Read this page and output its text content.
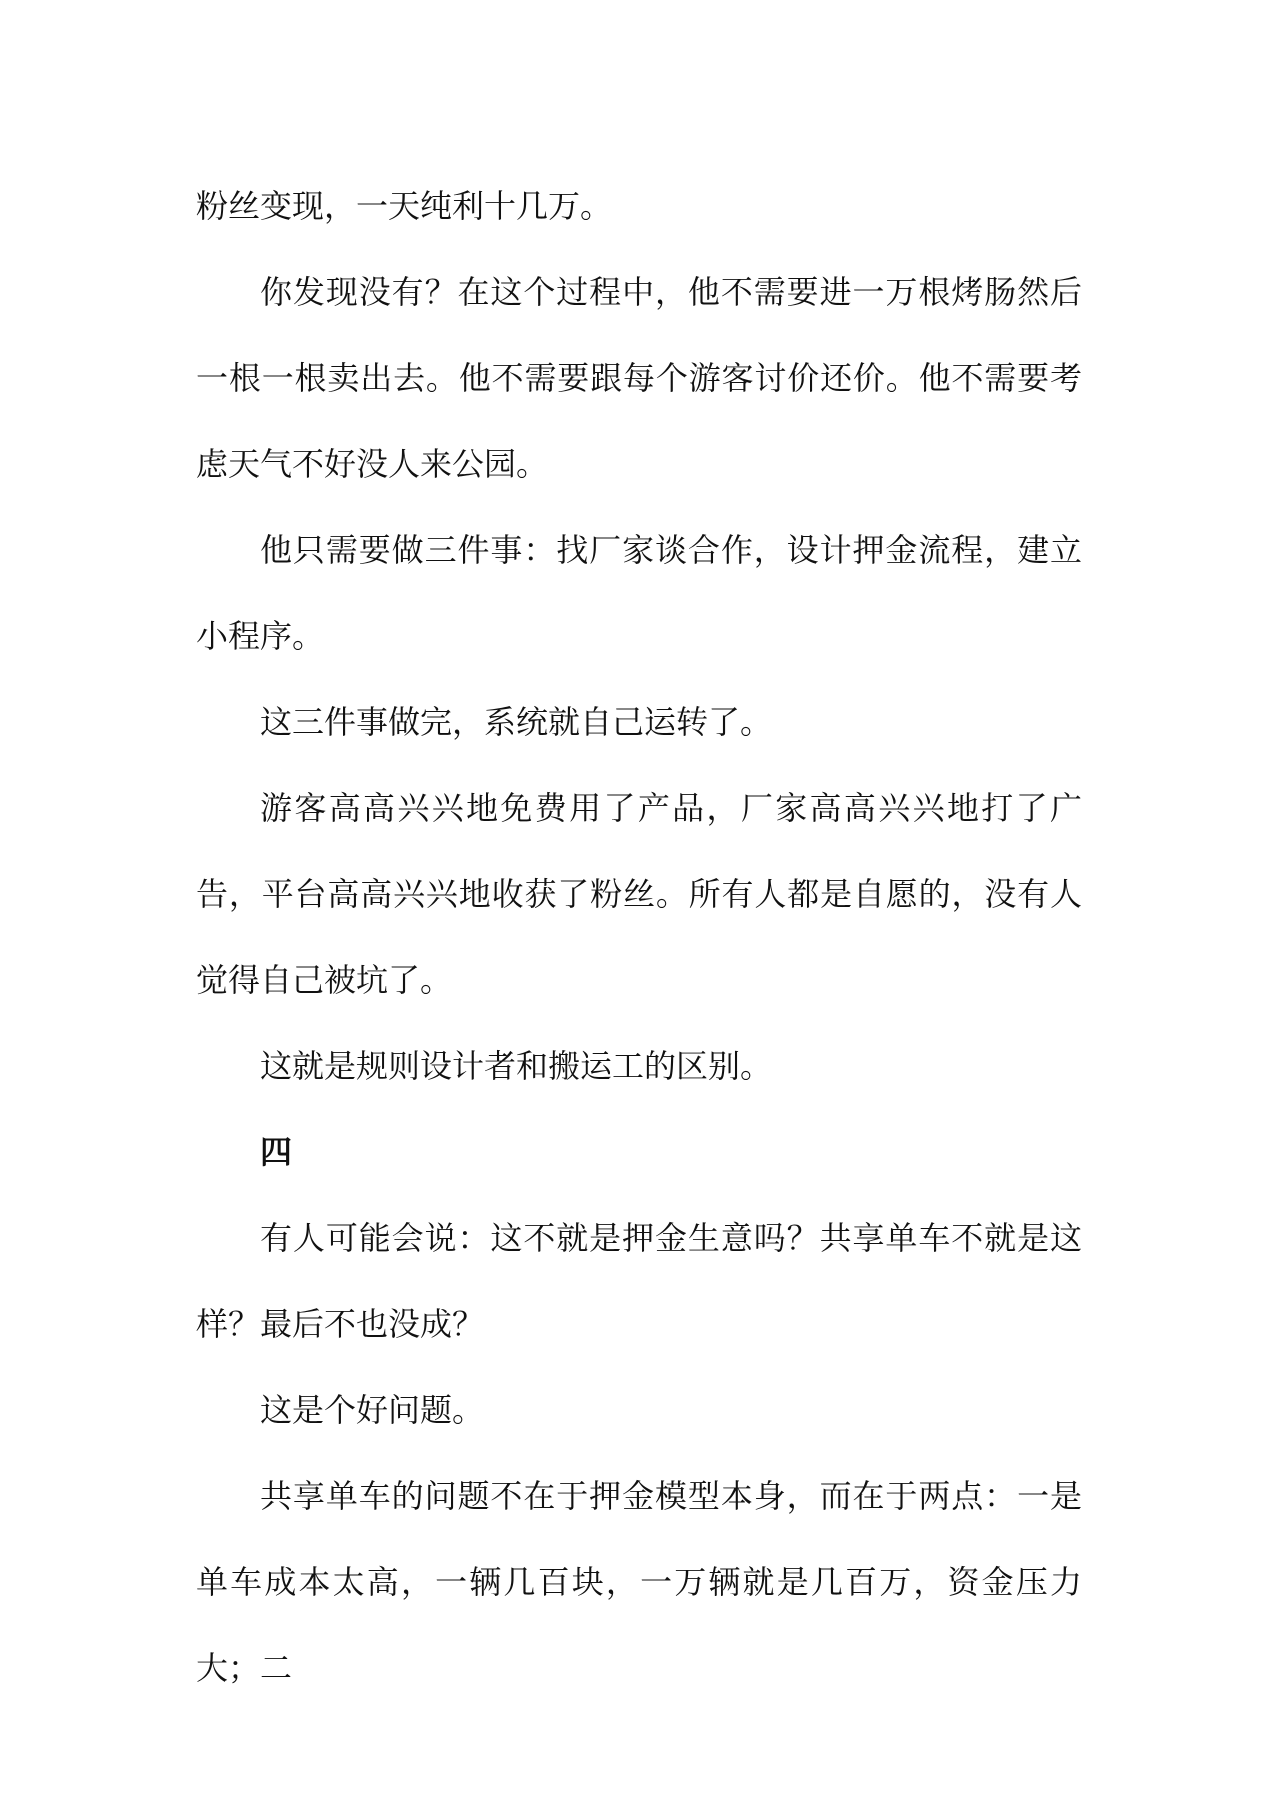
粉丝变现，一天纯利十几万。

你发现没有？在这个过程中，他不需要进一万根烤肠然后一根一根卖出去。他不需要跟每个游客讨价还价。他不需要考虑天气不好没人来公园。

他只需要做三件事：找厂家谈合作，设计押金流程，建立小程序。

这三件事做完，系统就自己运转了。

游客高高兴兴地免费用了产品，厂家高高兴兴地打了广告，平台高高兴兴地收获了粉丝。所有人都是自愿的，没有人觉得自己被坑了。

这就是规则设计者和搬运工的区别。

四

有人可能会说：这不就是押金生意吗？共享单车不就是这样？最后不也没成？

这是个好问题。

共享单车的问题不在于押金模型本身，而在于两点：一是单车成本太高，一辆几百块，一万辆就是几百万，资金压力大；二
